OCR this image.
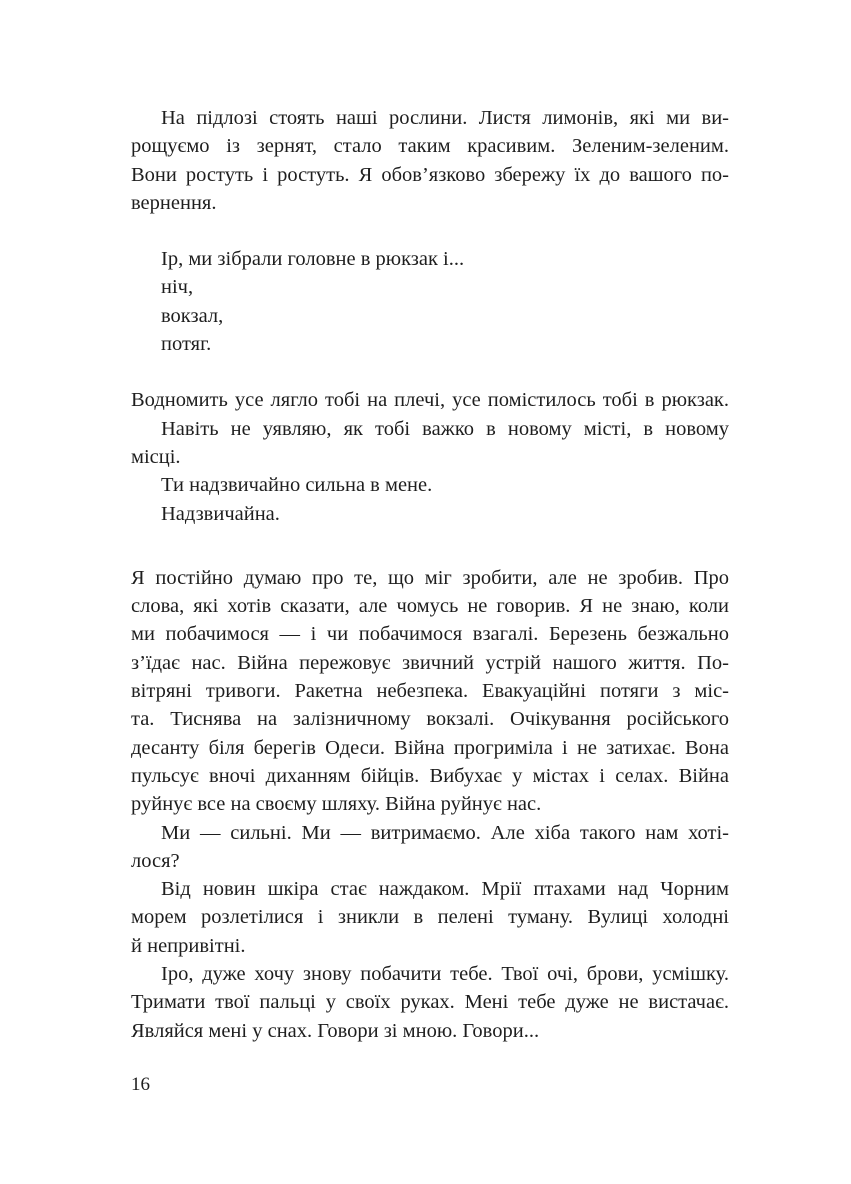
На підлозі стоять наші рослини. Листя лимонів, які ми ви-
рощуємо із зернят, стало таким красивим. Зеленим-зеленим.
Вони ростуть і ростуть. Я обов’язково збережу їх до вашого по-
вернення.
Ір, ми зібрали головне в рюкзак і...
ніч,
вокзал,
потяг.
Водномить усе лягло тобі на плечі, усе помістилось тобі в рюкзак.
Навіть не уявляю, як тобі важко в новому місті, в новому
місці.
Ти надзвичайно сильна в мене.
Надзвичайна.
Я постійно думаю про те, що міг зробити, але не зробив. Про
слова, які хотів сказати, але чомусь не говорив. Я не знаю, коли
ми побачимося — і чи побачимося взагалі. Березень безжально
з’їдає нас. Війна пережовує звичний устрій нашого життя. По-
вітряні тривоги. Ракетна небезпека. Евакуаційні потяги з міс-
та. Тиснява на залізничному вокзалі. Очікування російського
десанту біля берегів Одеси. Війна прогриміла і не затихає. Вона
пульсує вночі диханням бійців. Вибухає у містах і селах. Війна
руйнує все на своєму шляху. Війна руйнує нас.
Ми — сильні. Ми — витримаємо. Але хіба такого нам хоті-
лося?
Від новин шкіра стає наждаком. Мрії птахами над Чорним
морем розлетілися і зникли в пелені туману. Вулиці холодні
й непривітні.
Іро, дуже хочу знову побачити тебе. Твої очі, брови, усмішку.
Тримати твої пальці у своїх руках. Мені тебе дуже не вистачає.
Являйся мені у снах. Говори зі мною. Говори...
16
